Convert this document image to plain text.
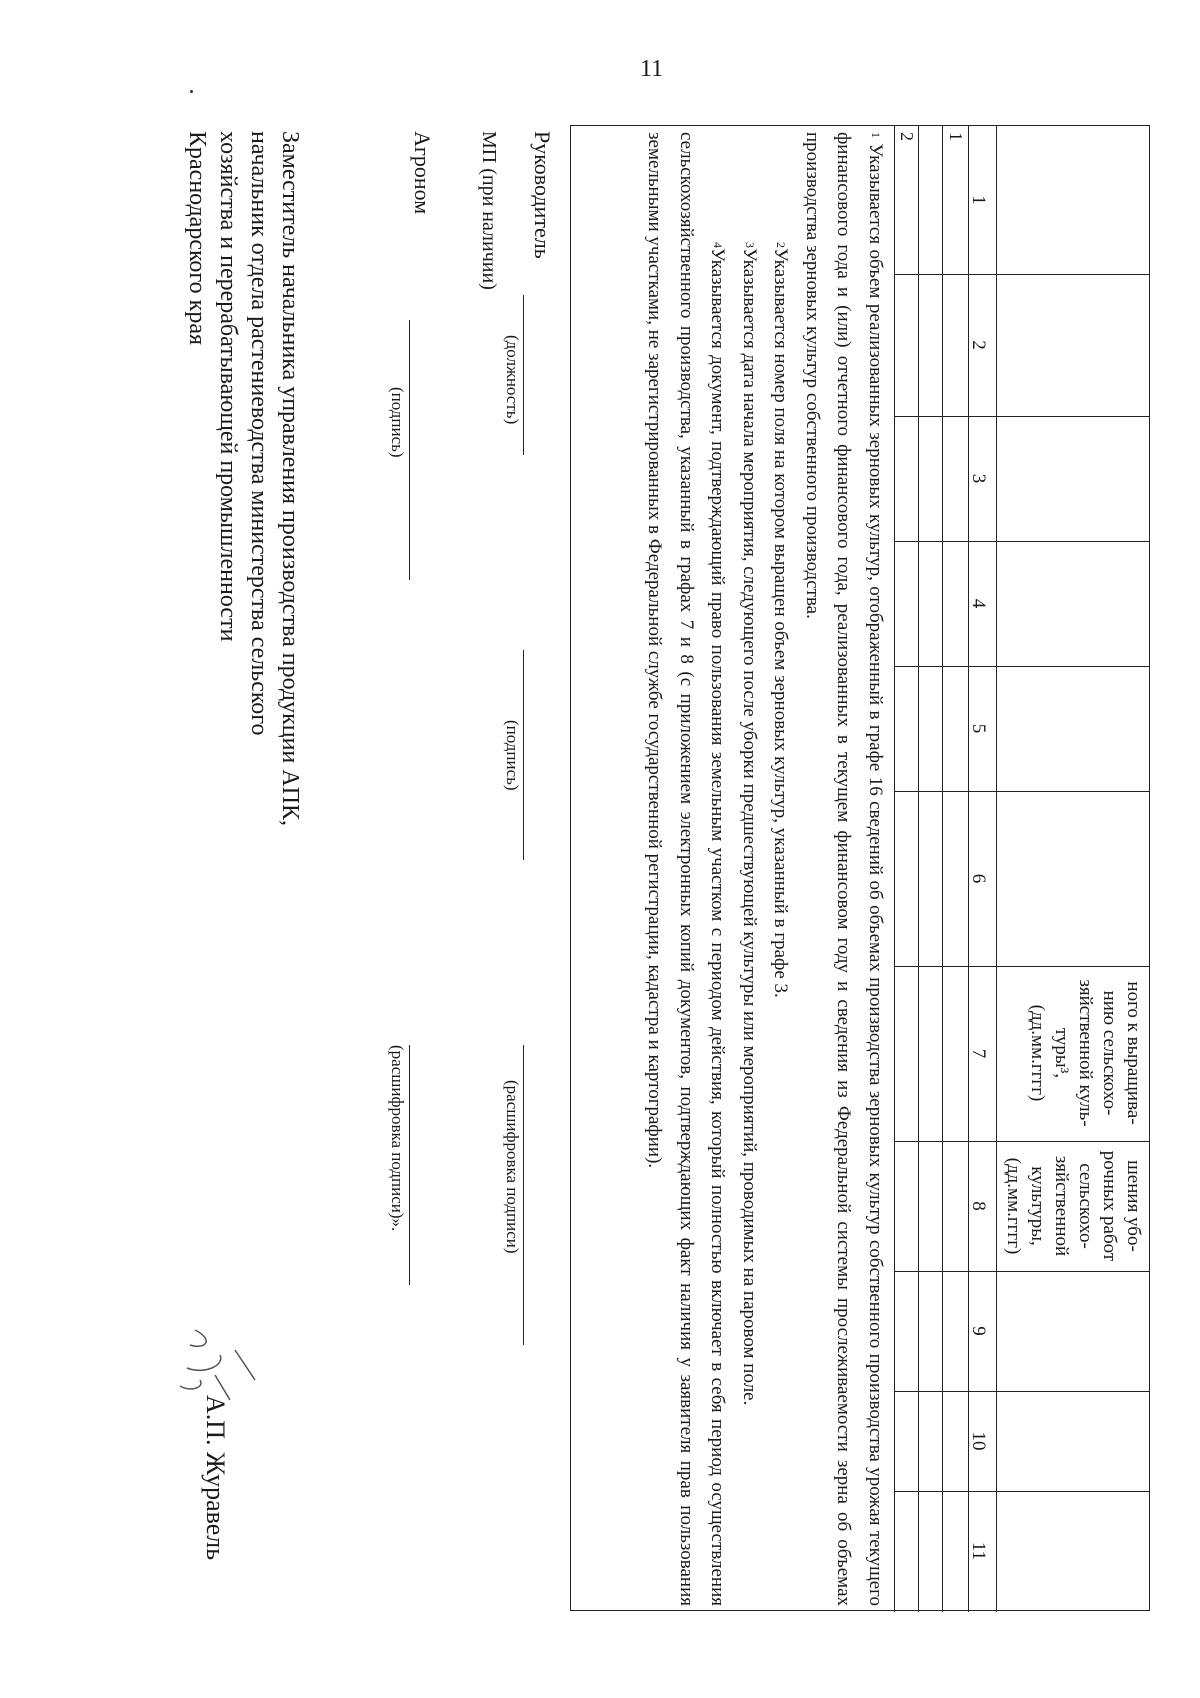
11
ного к выращива-
нию сельскохо-
зяйственной куль-
туры³,
(дд.мм.гггг)
шения убо-
рочных работ
сельскохо-
зяйственной
культуры,
(дд.мм.гггг)
1
2
3
4
5
6
7
8
9
10
11
1
2

$^1$ Указывается объем реализованных зерновых культур, отображенный в графе 16 сведений об объемах производства зерновых культур собственного производства урожая текущего финансового года и (или) отчетного финансового года, реализованных в текущем финансовом году и сведения из Федеральной системы прослеживаемости зерна об объемах производства зерновых культур собственного производства.

$^2$Указывается номер поля на котором выращен объем зерновых культур, указанный в графе 3.

$^3$Указывается дата начала мероприятия, следующего после уборки предшествующей культуры или мероприятий, проводимых на паровом поле.

$^4$Указывается документ, подтверждающий право пользования земельным участком с периодом действия, который полностью включает в себя период осуществления сельскохозяйственного производства, указанный в графах 7 и 8 (с приложением электронных копий документов, подтверждающих факт наличия у заявителя прав пользования земельными участками, не зарегистрированных в Федеральной службе государственной регистрации, кадастра и картографии).

Руководитель
(должность)
(подпись)
(расшифровка подписи)
МП (при наличии)
Агроном
(подпись)
(расшифровка подписи)».
Заместитель начальника управления производства продукции АПК,
начальник отдела растениеводства министерства сельского
хозяйства и перерабатывающей промышленности
Краснодарского края
А.П. Журавель
